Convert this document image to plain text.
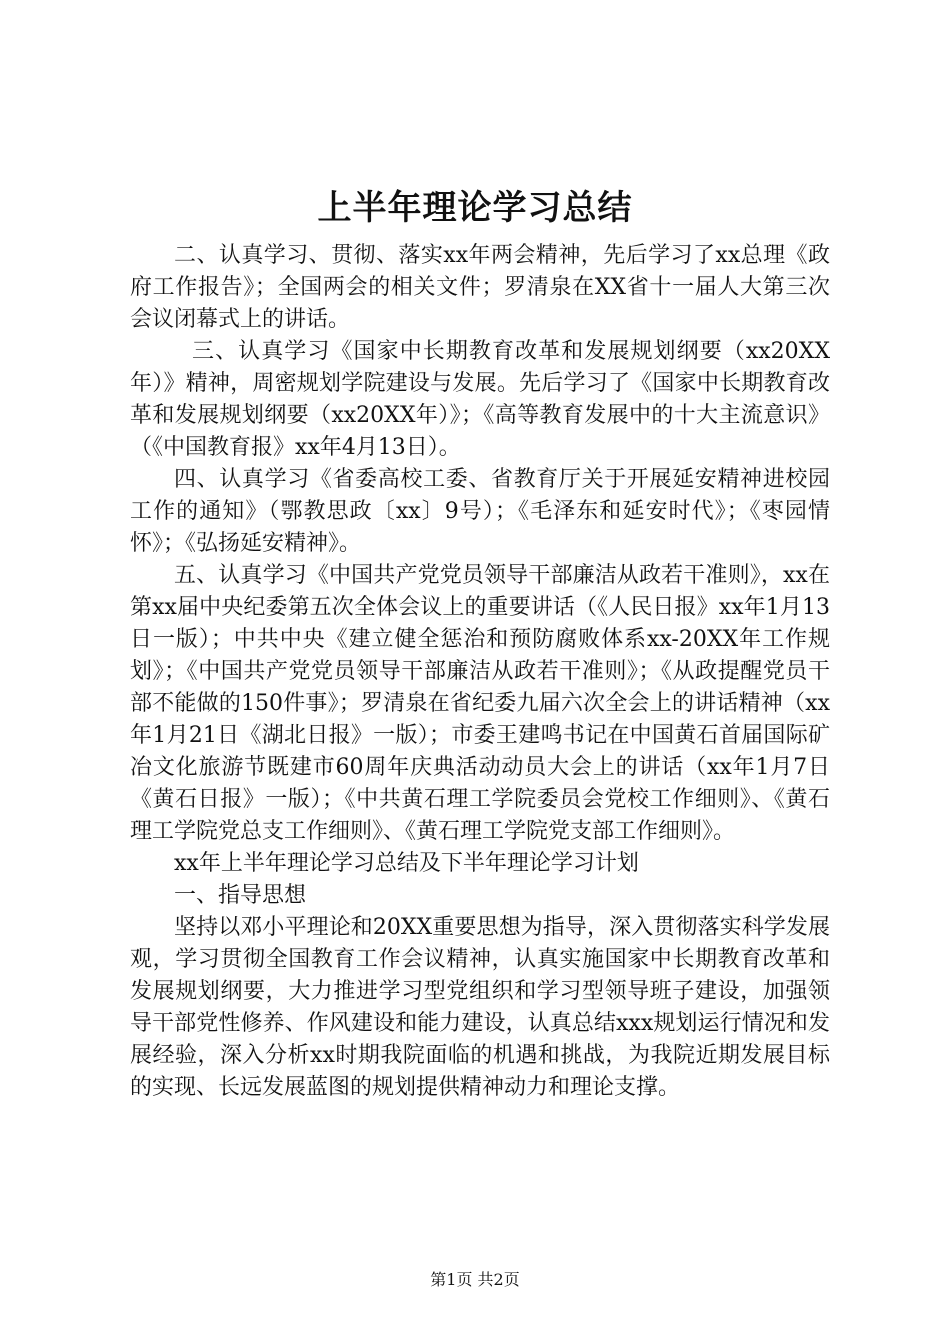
上半年理论学习总结

二、认真学习、贯彻、落实xx年两会精神，先后学习了xx总理《政府工作报告》；全国两会的相关文件；罗清泉在XX省十一届人大第三次会议闭幕式上的讲话。

三、认真学习《国家中长期教育改革和发展规划纲要（xx20XX年）》精神，周密规划学院建设与发展。先后学习了《国家中长期教育改革和发展规划纲要（xx20XX年）》；《高等教育发展中的十大主流意识》（《中国教育报》xx年4月13日）。

四、认真学习《省委高校工委、省教育厅关于开展延安精神进校园工作的通知》（鄂教思政〔xx〕9号）；《毛泽东和延安时代》；《枣园情怀》；《弘扬延安精神》。

五、认真学习《中国共产党党员领导干部廉洁从政若干准则》，xx在第xx届中央纪委第五次全体会议上的重要讲话（《人民日报》xx年1月13日一版）；中共中央《建立健全惩治和预防腐败体系xx-20XX年工作规划》；《中国共产党党员领导干部廉洁从政若干准则》；《从政提醒党员干部不能做的150件事》；罗清泉在省纪委九届六次全会上的讲话精神（xx年1月21日《湖北日报》一版）；市委王建鸣书记在中国黄石首届国际矿冶文化旅游节既建市60周年庆典活动动员大会上的讲话（xx年1月7日《黄石日报》一版）；《中共黄石理工学院委员会党校工作细则》、《黄石理工学院党总支工作细则》、《黄石理工学院党支部工作细则》。

xx年上半年理论学习总结及下半年理论学习计划

一、指导思想

坚持以邓小平理论和20XX重要思想为指导，深入贯彻落实科学发展观，学习贯彻全国教育工作会议精神，认真实施国家中长期教育改革和发展规划纲要，大力推进学习型党组织和学习型领导班子建设，加强领导干部党性修养、作风建设和能力建设，认真总结xxx规划运行情况和发展经验，深入分析xx时期我院面临的机遇和挑战，为我院近期发展目标的实现、长远发展蓝图的规划提供精神动力和理论支撑。

第1页 共2页
